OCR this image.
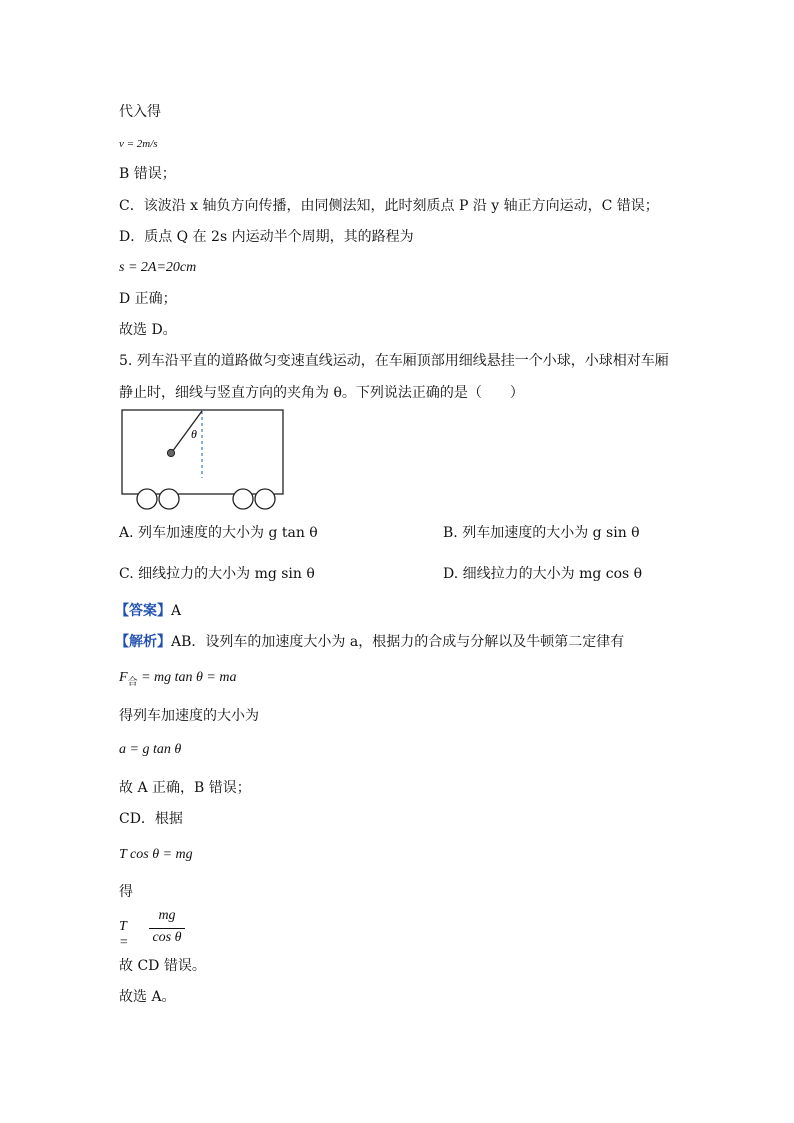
代入得
v = 2m/s
B 错误；
C．该波沿 x 轴负方向传播，由同侧法知，此时刻质点 P 沿 y 轴正方向运动，C 错误；
D．质点 Q 在 2s 内运动半个周期，其的路程为
s = 2A=20cm
D 正确；
故选 D。
5. 列车沿平直的道路做匀变速直线运动，在车厢顶部用细线悬挂一个小球，小球相对车厢
静止时，细线与竖直方向的夹角为 θ。下列说法正确的是（　　）
θ
A. 列车加速度的大小为 g tan θ	B. 列车加速度的大小为 g sin θ
C. 细线拉力的大小为 mg sin θ	D. 细线拉力的大小为 mg cos θ
【答案】A
【解析】AB．设列车的加速度大小为 a，根据力的合成与分解以及牛顿第二定律有
$F_合$ = mg tan θ = ma
得列车加速度的大小为
a = g tan θ
故 A 正确，B 错误；
CD．根据
T cos θ = mg
得
T =
mg
cos θ
故 CD 错误。
故选 A。
